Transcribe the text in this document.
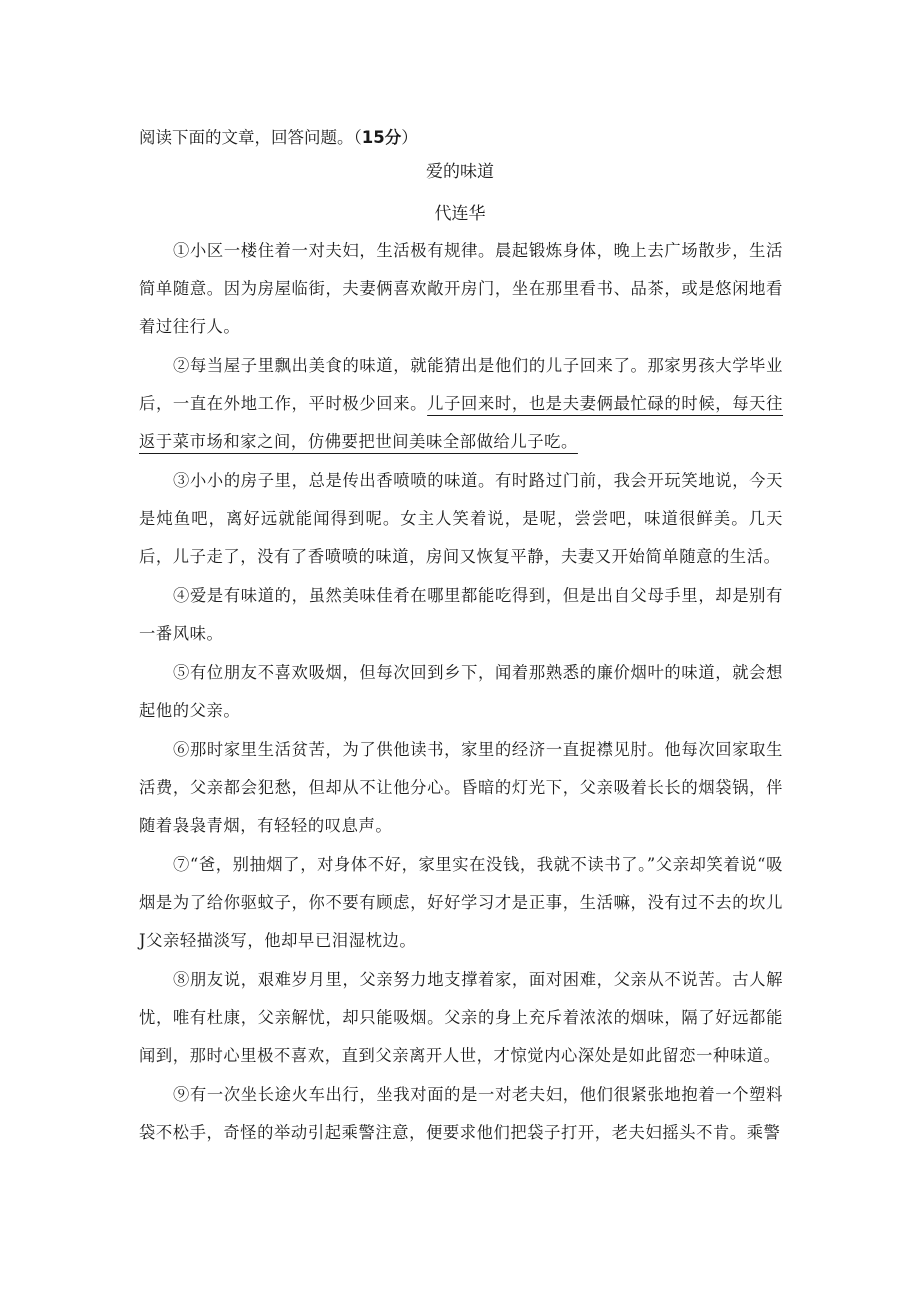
阅读下面的文章，回答问题。（15分）
爱的味道
代连华

①小区一楼住着一对夫妇，生活极有规律。晨起锻炼身体，晚上去广场散步，生活简单随意。因为房屋临街，夫妻俩喜欢敞开房门，坐在那里看书、品茶，或是悠闲地看着过往行人。

②每当屋子里飘出美食的味道，就能猜出是他们的儿子回来了。那家男孩大学毕业后，一直在外地工作，平时极少回来。儿子回来时，也是夫妻俩最忙碌的时候，每天往返于菜市场和家之间，仿佛要把世间美味全部做给儿子吃。

③小小的房子里，总是传出香喷喷的味道。有时路过门前，我会开玩笑地说，今天是炖鱼吧，离好远就能闻得到呢。女主人笑着说，是呢，尝尝吧，味道很鲜美。几天后，儿子走了，没有了香喷喷的味道，房间又恢复平静，夫妻又开始简单随意的生活。

④爱是有味道的，虽然美味佳肴在哪里都能吃得到，但是出自父母手里，却是别有一番风味。

⑤有位朋友不喜欢吸烟，但每次回到乡下，闻着那熟悉的廉价烟叶的味道，就会想起他的父亲。

⑥那时家里生活贫苦，为了供他读书，家里的经济一直捉襟见肘。他每次回家取生活费，父亲都会犯愁，但却从不让他分心。昏暗的灯光下，父亲吸着长长的烟袋锅，伴随着袅袅青烟，有轻轻的叹息声。

⑦“爸，别抽烟了，对身体不好，家里实在没钱，我就不读书了。”父亲却笑着说“吸烟是为了给你驱蚊子，你不要有顾虑，好好学习才是正事，生活嘛，没有过不去的坎儿J父亲轻描淡写，他却早已泪湿枕边。

⑧朋友说，艰难岁月里，父亲努力地支撑着家，面对困难，父亲从不说苦。古人解忧，唯有杜康，父亲解忧，却只能吸烟。父亲的身上充斥着浓浓的烟味，隔了好远都能闻到，那时心里极不喜欢，直到父亲离开人世，才惊觉内心深处是如此留恋一种味道。

⑨有一次坐长途火车出行，坐我对面的是一对老夫妇，他们很紧张地抱着一个塑料袋不松手，奇怪的举动引起乘警注意，便要求他们把袋子打开，老夫妇摇头不肯。乘警
